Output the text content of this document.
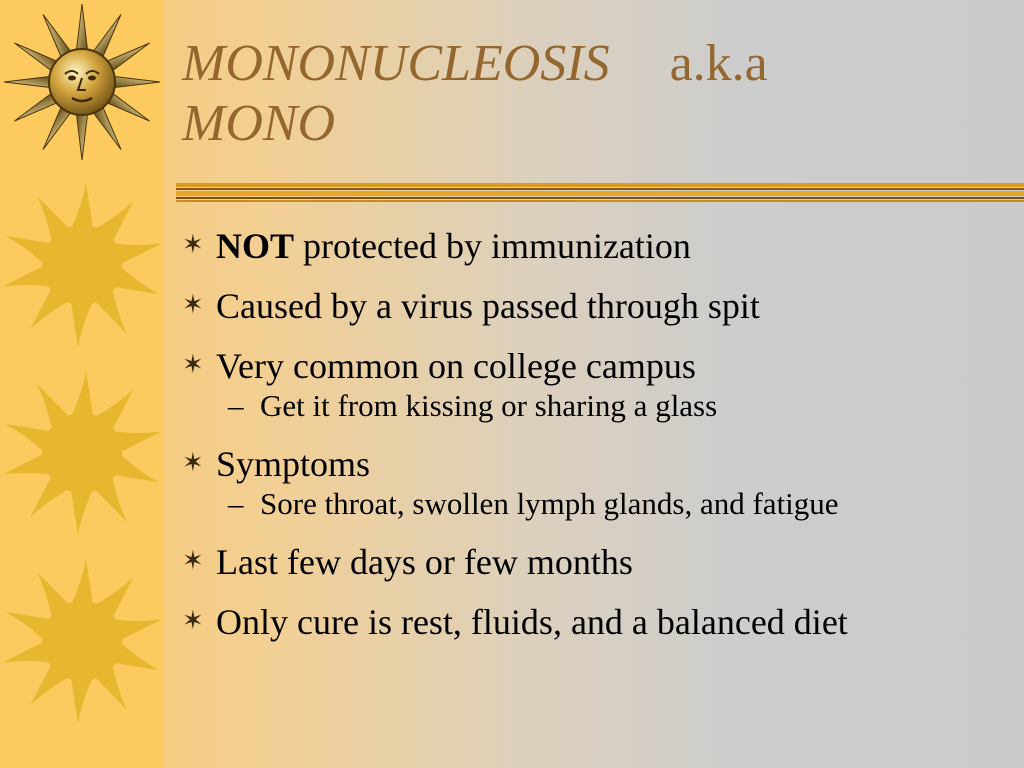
MONONUCLEOSIS a.k.a
MONO
✶ NOT protected by immunization
✶ Caused by a virus passed through spit
✶ Very common on college campus
– Get it from kissing or sharing a glass
✶ Symptoms
– Sore throat, swollen lymph glands, and fatigue
✶ Last few days or few months
✶ Only cure is rest, fluids, and a balanced diet
